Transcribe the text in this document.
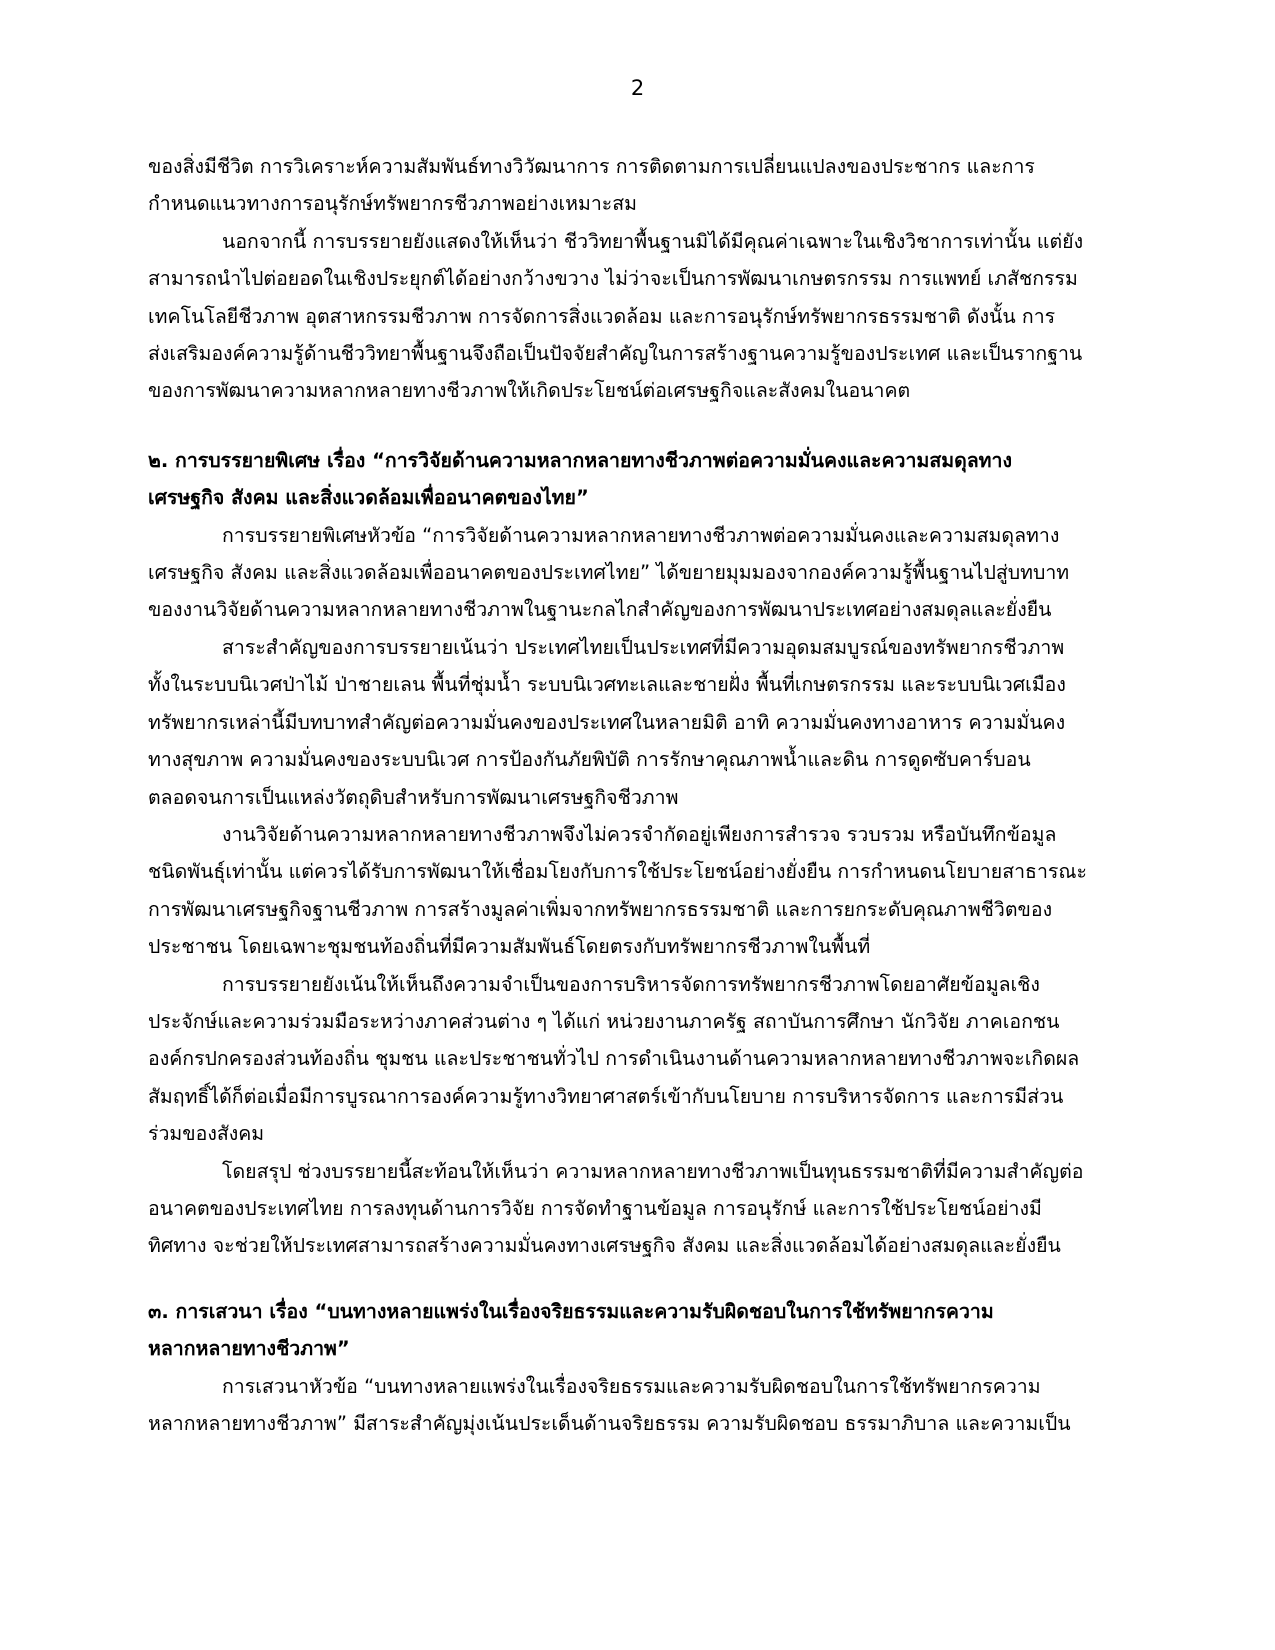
2
ของสิ่งมีชีวิต การวิเคราะห์ความสัมพันธ์ทางวิวัฒนาการ การติดตามการเปลี่ยนแปลงของประชากร และการ
กำหนดแนวทางการอนุรักษ์ทรัพยากรชีวภาพอย่างเหมาะสม
นอกจากนี้ การบรรยายยังแสดงให้เห็นว่า ชีววิทยาพื้นฐานมิได้มีคุณค่าเฉพาะในเชิงวิชาการเท่านั้น แต่ยัง
สามารถนำไปต่อยอดในเชิงประยุกต์ได้อย่างกว้างขวาง ไม่ว่าจะเป็นการพัฒนาเกษตรกรรม การแพทย์ เภสัชกรรม
เทคโนโลยีชีวภาพ อุตสาหกรรมชีวภาพ การจัดการสิ่งแวดล้อม และการอนุรักษ์ทรัพยากรธรรมชาติ ดังนั้น การ
ส่งเสริมองค์ความรู้ด้านชีววิทยาพื้นฐานจึงถือเป็นปัจจัยสำคัญในการสร้างฐานความรู้ของประเทศ และเป็นรากฐาน
ของการพัฒนาความหลากหลายทางชีวภาพให้เกิดประโยชน์ต่อเศรษฐกิจและสังคมในอนาคต
๒. การบรรยายพิเศษ เรื่อง “การวิจัยด้านความหลากหลายทางชีวภาพต่อความมั่นคงและความสมดุลทาง
เศรษฐกิจ สังคม และสิ่งแวดล้อมเพื่ออนาคตของไทย”
การบรรยายพิเศษหัวข้อ “การวิจัยด้านความหลากหลายทางชีวภาพต่อความมั่นคงและความสมดุลทาง
เศรษฐกิจ สังคม และสิ่งแวดล้อมเพื่ออนาคตของประเทศไทย” ได้ขยายมุมมองจากองค์ความรู้พื้นฐานไปสู่บทบาท
ของงานวิจัยด้านความหลากหลายทางชีวภาพในฐานะกลไกสำคัญของการพัฒนาประเทศอย่างสมดุลและยั่งยืน
สาระสำคัญของการบรรยายเน้นว่า ประเทศไทยเป็นประเทศที่มีความอุดมสมบูรณ์ของทรัพยากรชีวภาพ
ทั้งในระบบนิเวศป่าไม้ ป่าชายเลน พื้นที่ชุ่มน้ำ ระบบนิเวศทะเลและชายฝั่ง พื้นที่เกษตรกรรม และระบบนิเวศเมือง
ทรัพยากรเหล่านี้มีบทบาทสำคัญต่อความมั่นคงของประเทศในหลายมิติ อาทิ ความมั่นคงทางอาหาร ความมั่นคง
ทางสุขภาพ ความมั่นคงของระบบนิเวศ การป้องกันภัยพิบัติ การรักษาคุณภาพน้ำและดิน การดูดซับคาร์บอน
ตลอดจนการเป็นแหล่งวัตถุดิบสำหรับการพัฒนาเศรษฐกิจชีวภาพ
งานวิจัยด้านความหลากหลายทางชีวภาพจึงไม่ควรจำกัดอยู่เพียงการสำรวจ รวบรวม หรือบันทึกข้อมูล
ชนิดพันธุ์เท่านั้น แต่ควรได้รับการพัฒนาให้เชื่อมโยงกับการใช้ประโยชน์อย่างยั่งยืน การกำหนดนโยบายสาธารณะ
การพัฒนาเศรษฐกิจฐานชีวภาพ การสร้างมูลค่าเพิ่มจากทรัพยากรธรรมชาติ และการยกระดับคุณภาพชีวิตของ
ประชาชน โดยเฉพาะชุมชนท้องถิ่นที่มีความสัมพันธ์โดยตรงกับทรัพยากรชีวภาพในพื้นที่
การบรรยายยังเน้นให้เห็นถึงความจำเป็นของการบริหารจัดการทรัพยากรชีวภาพโดยอาศัยข้อมูลเชิง
ประจักษ์และความร่วมมือระหว่างภาคส่วนต่าง ๆ ได้แก่ หน่วยงานภาครัฐ สถาบันการศึกษา นักวิจัย ภาคเอกชน
องค์กรปกครองส่วนท้องถิ่น ชุมชน และประชาชนทั่วไป การดำเนินงานด้านความหลากหลายทางชีวภาพจะเกิดผล
สัมฤทธิ์ได้ก็ต่อเมื่อมีการบูรณาการองค์ความรู้ทางวิทยาศาสตร์เข้ากับนโยบาย การบริหารจัดการ และการมีส่วน
ร่วมของสังคม
โดยสรุป ช่วงบรรยายนี้สะท้อนให้เห็นว่า ความหลากหลายทางชีวภาพเป็นทุนธรรมชาติที่มีความสำคัญต่อ
อนาคตของประเทศไทย การลงทุนด้านการวิจัย การจัดทำฐานข้อมูล การอนุรักษ์ และการใช้ประโยชน์อย่างมี
ทิศทาง จะช่วยให้ประเทศสามารถสร้างความมั่นคงทางเศรษฐกิจ สังคม และสิ่งแวดล้อมได้อย่างสมดุลและยั่งยืน
๓. การเสวนา เรื่อง “บนทางหลายแพร่งในเรื่องจริยธรรมและความรับผิดชอบในการใช้ทรัพยากรความ
หลากหลายทางชีวภาพ”
การเสวนาหัวข้อ “บนทางหลายแพร่งในเรื่องจริยธรรมและความรับผิดชอบในการใช้ทรัพยากรความ
หลากหลายทางชีวภาพ” มีสาระสำคัญมุ่งเน้นประเด็นด้านจริยธรรม ความรับผิดชอบ ธรรมาภิบาล และความเป็น
